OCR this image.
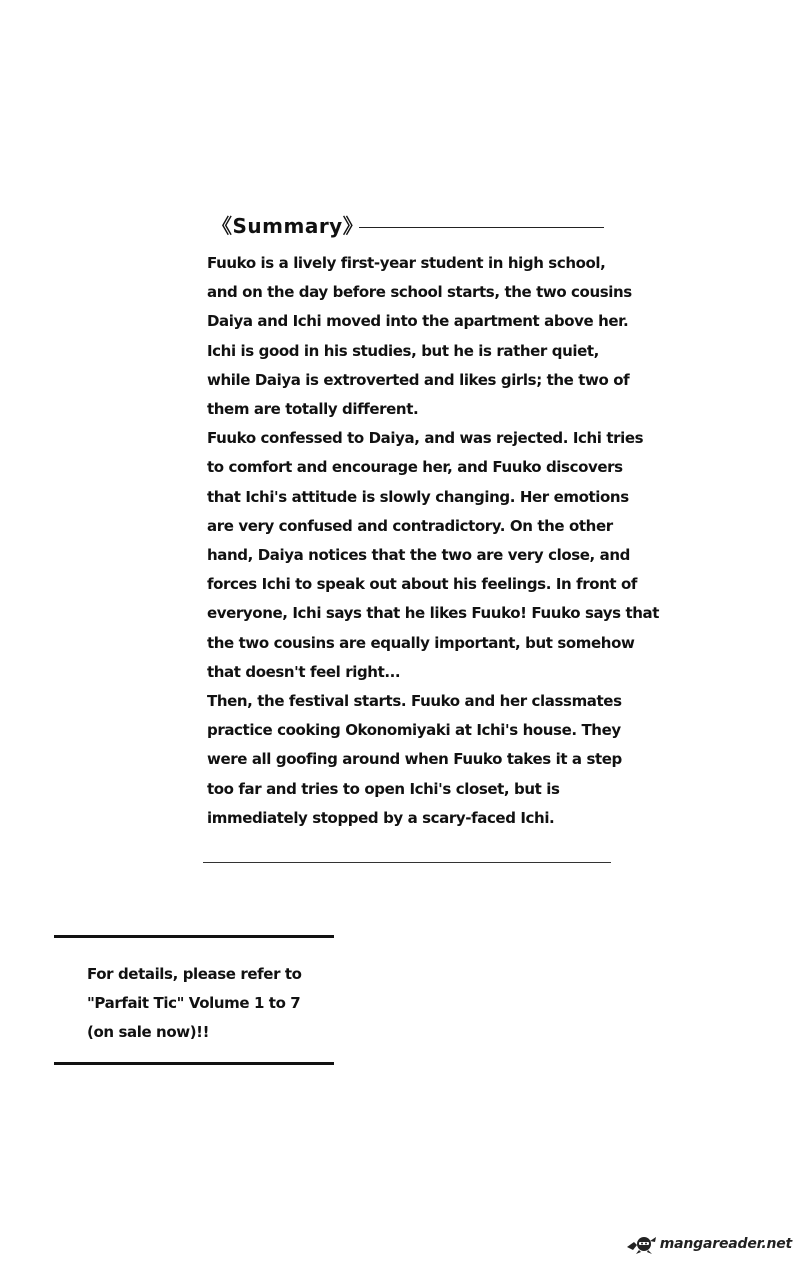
《Summary》
Fuuko is a lively first-year student in high school,
and on the day before school starts, the two cousins
Daiya and Ichi moved into the apartment above her.
Ichi is good in his studies, but he is rather quiet,
while Daiya is extroverted and likes girls; the two of
them are totally different.
Fuuko confessed to Daiya, and was rejected. Ichi tries
to comfort and encourage her, and Fuuko discovers
that Ichi's attitude is slowly changing. Her emotions
are very confused and contradictory. On the other
hand, Daiya notices that the two are very close, and
forces Ichi to speak out about his feelings. In front of
everyone, Ichi says that he likes Fuuko! Fuuko says that
the two cousins are equally important, but somehow
that doesn't feel right...
Then, the festival starts. Fuuko and her classmates
practice cooking Okonomiyaki at Ichi's house. They
were all goofing around when Fuuko takes it a step
too far and tries to open Ichi's closet, but is
immediately stopped by a scary-faced Ichi.
For details, please refer to
"Parfait Tic" Volume 1 to 7
(on sale now)!!
mangareader.net
